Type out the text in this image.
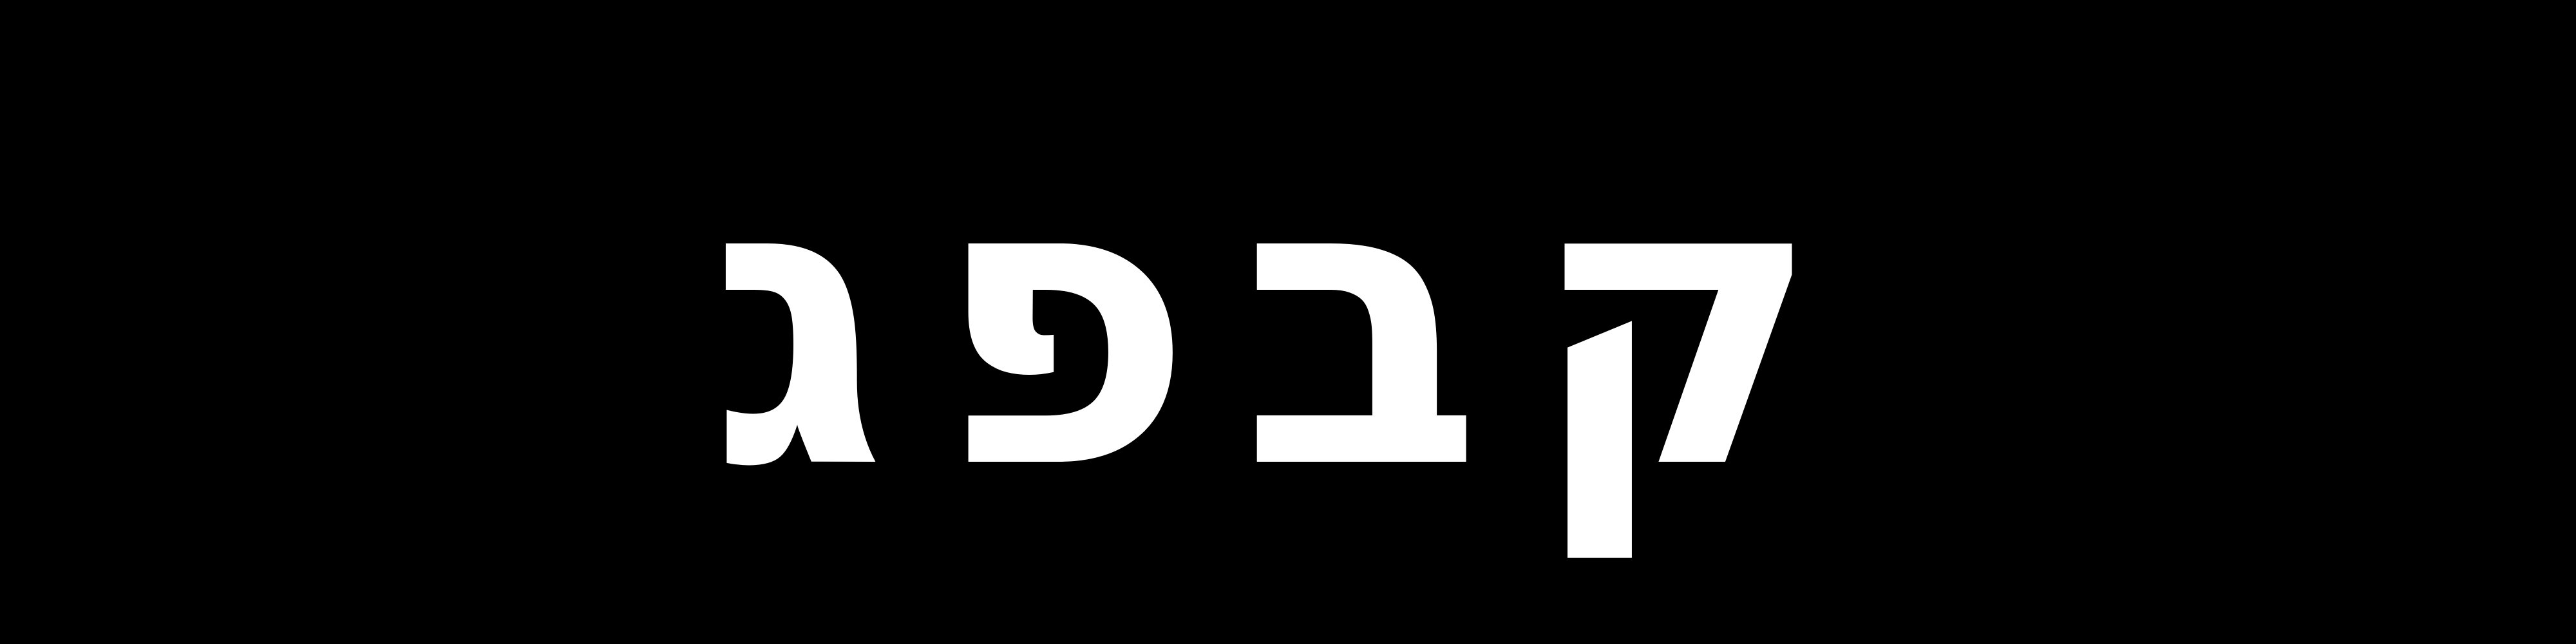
קבפג
